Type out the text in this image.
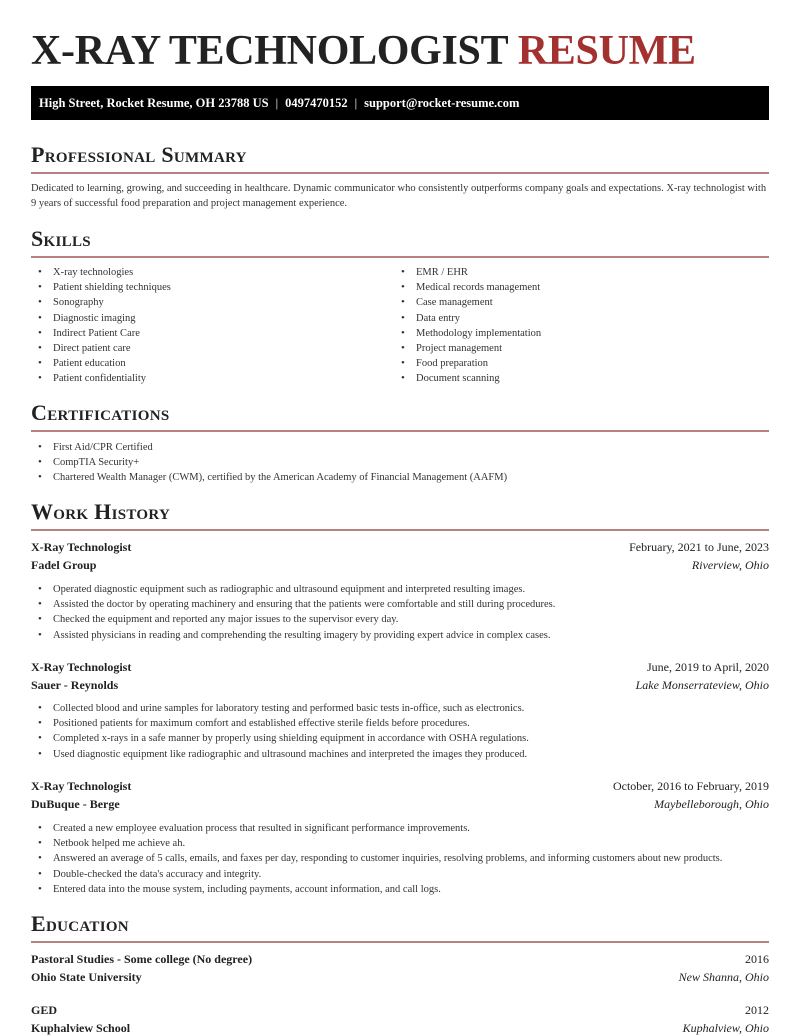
X-RAY TECHNOLOGIST RESUME
High Street, Rocket Resume, OH 23788 US | 0497470152 | support@rocket-resume.com
Professional Summary

Dedicated to learning, growing, and succeeding in healthcare. Dynamic communicator who consistently outperforms company goals and expectations. X-ray technologist with 9 years of successful food preparation and project management experience.

Skills
• X-ray technologies
• Patient shielding techniques
• Sonography
• Diagnostic imaging
• Indirect Patient Care
• Direct patient care
• Patient education
• Patient confidentiality
• EMR / EHR
• Medical records management
• Case management
• Data entry
• Methodology implementation
• Project management
• Food preparation
• Document scanning
Certifications
• First Aid/CPR Certified
• CompTIA Security+
• Chartered Wealth Manager (CWM), certified by the American Academy of Financial Management (AAFM)
Work History
X-Ray Technologist	February, 2021 to June, 2023
Fadel Group	Riverview, Ohio
• Operated diagnostic equipment such as radiographic and ultrasound equipment and interpreted resulting images.
• Assisted the doctor by operating machinery and ensuring that the patients were comfortable and still during procedures.
• Checked the equipment and reported any major issues to the supervisor every day.
• Assisted physicians in reading and comprehending the resulting imagery by providing expert advice in complex cases.
X-Ray Technologist	June, 2019 to April, 2020
Sauer - Reynolds	Lake Monserrateview, Ohio
• Collected blood and urine samples for laboratory testing and performed basic tests in-office, such as electronics.
• Positioned patients for maximum comfort and established effective sterile fields before procedures.
• Completed x-rays in a safe manner by properly using shielding equipment in accordance with OSHA regulations.
• Used diagnostic equipment like radiographic and ultrasound machines and interpreted the images they produced.
X-Ray Technologist	October, 2016 to February, 2019
DuBuque - Berge	Maybelleborough, Ohio
• Created a new employee evaluation process that resulted in significant performance improvements.
• Netbook helped me achieve ah.
• Answered an average of 5 calls, emails, and faxes per day, responding to customer inquiries, resolving problems, and informing customers about new products.
• Double-checked the data's accuracy and integrity.
• Entered data into the mouse system, including payments, account information, and call logs.
Education
Pastoral Studies - Some college (No degree)	2016
Ohio State University	New Shanna, Ohio
GED	2012
Kuphalview School	Kuphalview, Ohio
